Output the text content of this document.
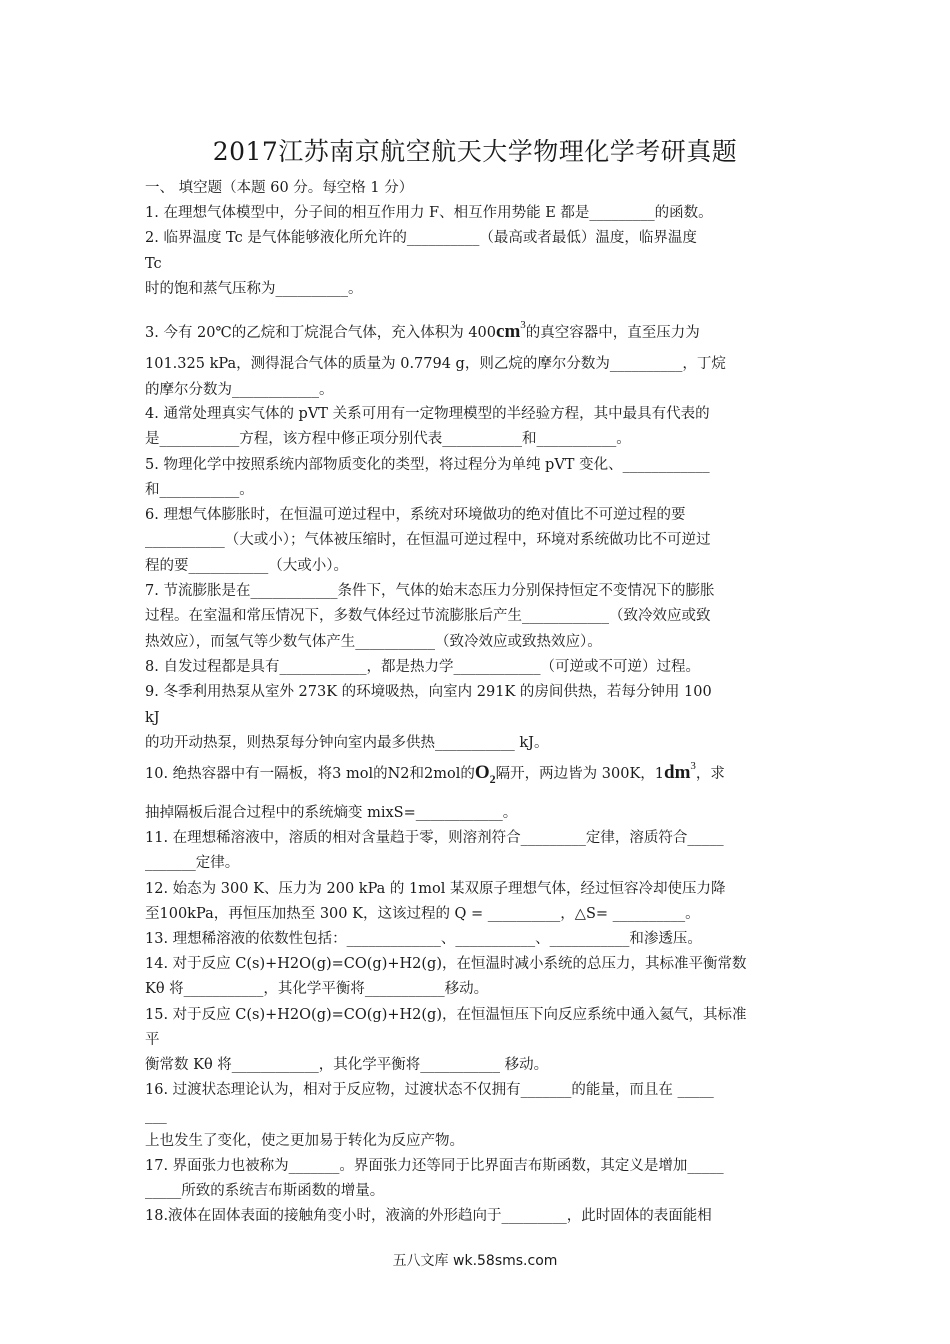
2017江苏南京航空航天大学物理化学考研真题
一、 填空题（本题 60 分。每空格 1 分）
1. 在理想气体模型中，分子间的相互作用力 F、相互作用势能 E 都是_________的函数。
2. 临界温度 Tc 是气体能够液化所允许的__________（最高或者最低）温度，临界温度
Tc
时的饱和蒸气压称为__________。
101.325 kPa，测得混合气体的质量为 0.7794 g，则乙烷的摩尔分数为__________，丁烷
的摩尔分数为____________。
4. 通常处理真实气体的 pVT 关系可用有一定物理模型的半经验方程，其中最具有代表的
是___________方程，该方程中修正项分别代表___________和___________。
5. 物理化学中按照系统内部物质变化的类型，将过程分为单纯 pVT 变化、____________
和___________。
6. 理想气体膨胀时，在恒温可逆过程中，系统对环境做功的绝对值比不可逆过程的要
___________（大或小）；气体被压缩时，在恒温可逆过程中，环境对系统做功比不可逆过
程的要___________（大或小）。
7. 节流膨胀是在____________条件下，气体的始末态压力分别保持恒定不变情况下的膨胀
过程。在室温和常压情况下，多数气体经过节流膨胀后产生____________（致冷效应或致
热效应），而氢气等少数气体产生___________（致冷效应或致热效应）。
8. 自发过程都是具有____________，都是热力学____________（可逆或不可逆）过程。
9. 冬季利用热泵从室外 273K 的环境吸热，向室内 291K 的房间供热，若每分钟用 100
kJ
的功开动热泵，则热泵每分钟向室内最多供热___________ kJ。
抽掉隔板后混合过程中的系统熵变 mixS=____________。
11. 在理想稀溶液中，溶质的相对含量趋于零，则溶剂符合_________定律，溶质符合_____
_______定律。
12. 始态为 300 K、压力为 200 kPa 的 1mol 某双原子理想气体，经过恒容冷却使压力降
至100kPa，再恒压加热至 300 K，这该过程的 Q = __________，△S= __________。
13. 理想稀溶液的依数性包括：_____________、___________、___________和渗透压。
14. 对于反应 C(s)+H2O(g)=CO(g)+H2(g)，在恒温时减小系统的总压力，其标准平衡常数
Kθ 将___________，其化学平衡将___________移动。
15. 对于反应 C(s)+H2O(g)=CO(g)+H2(g)，在恒温恒压下向反应系统中通入氦气，其标准
平
衡常数 Kθ 将____________，其化学平衡将___________ 移动。
16. 过渡状态理论认为，相对于反应物，过渡状态不仅拥有_______的能量，而且在 _____
___
上也发生了变化，使之更加易于转化为反应产物。
17. 界面张力也被称为_______。界面张力还等同于比界面吉布斯函数，其定义是增加_____
_____所致的系统吉布斯函数的增量。
18.液体在固体表面的接触角变小时，液滴的外形趋向于_________，此时固体的表面能相
3. 今有 20℃的乙烷和丁烷混合气体，充入体积为 $400cm^3$的真空容器中，直至压力为
10. 绝热容器中有一隔板，将3 mol的N2和2mol的$O_2$隔开，两边皆为 300K，$1dm^3$，求
五八文库 wk.58sms.com
